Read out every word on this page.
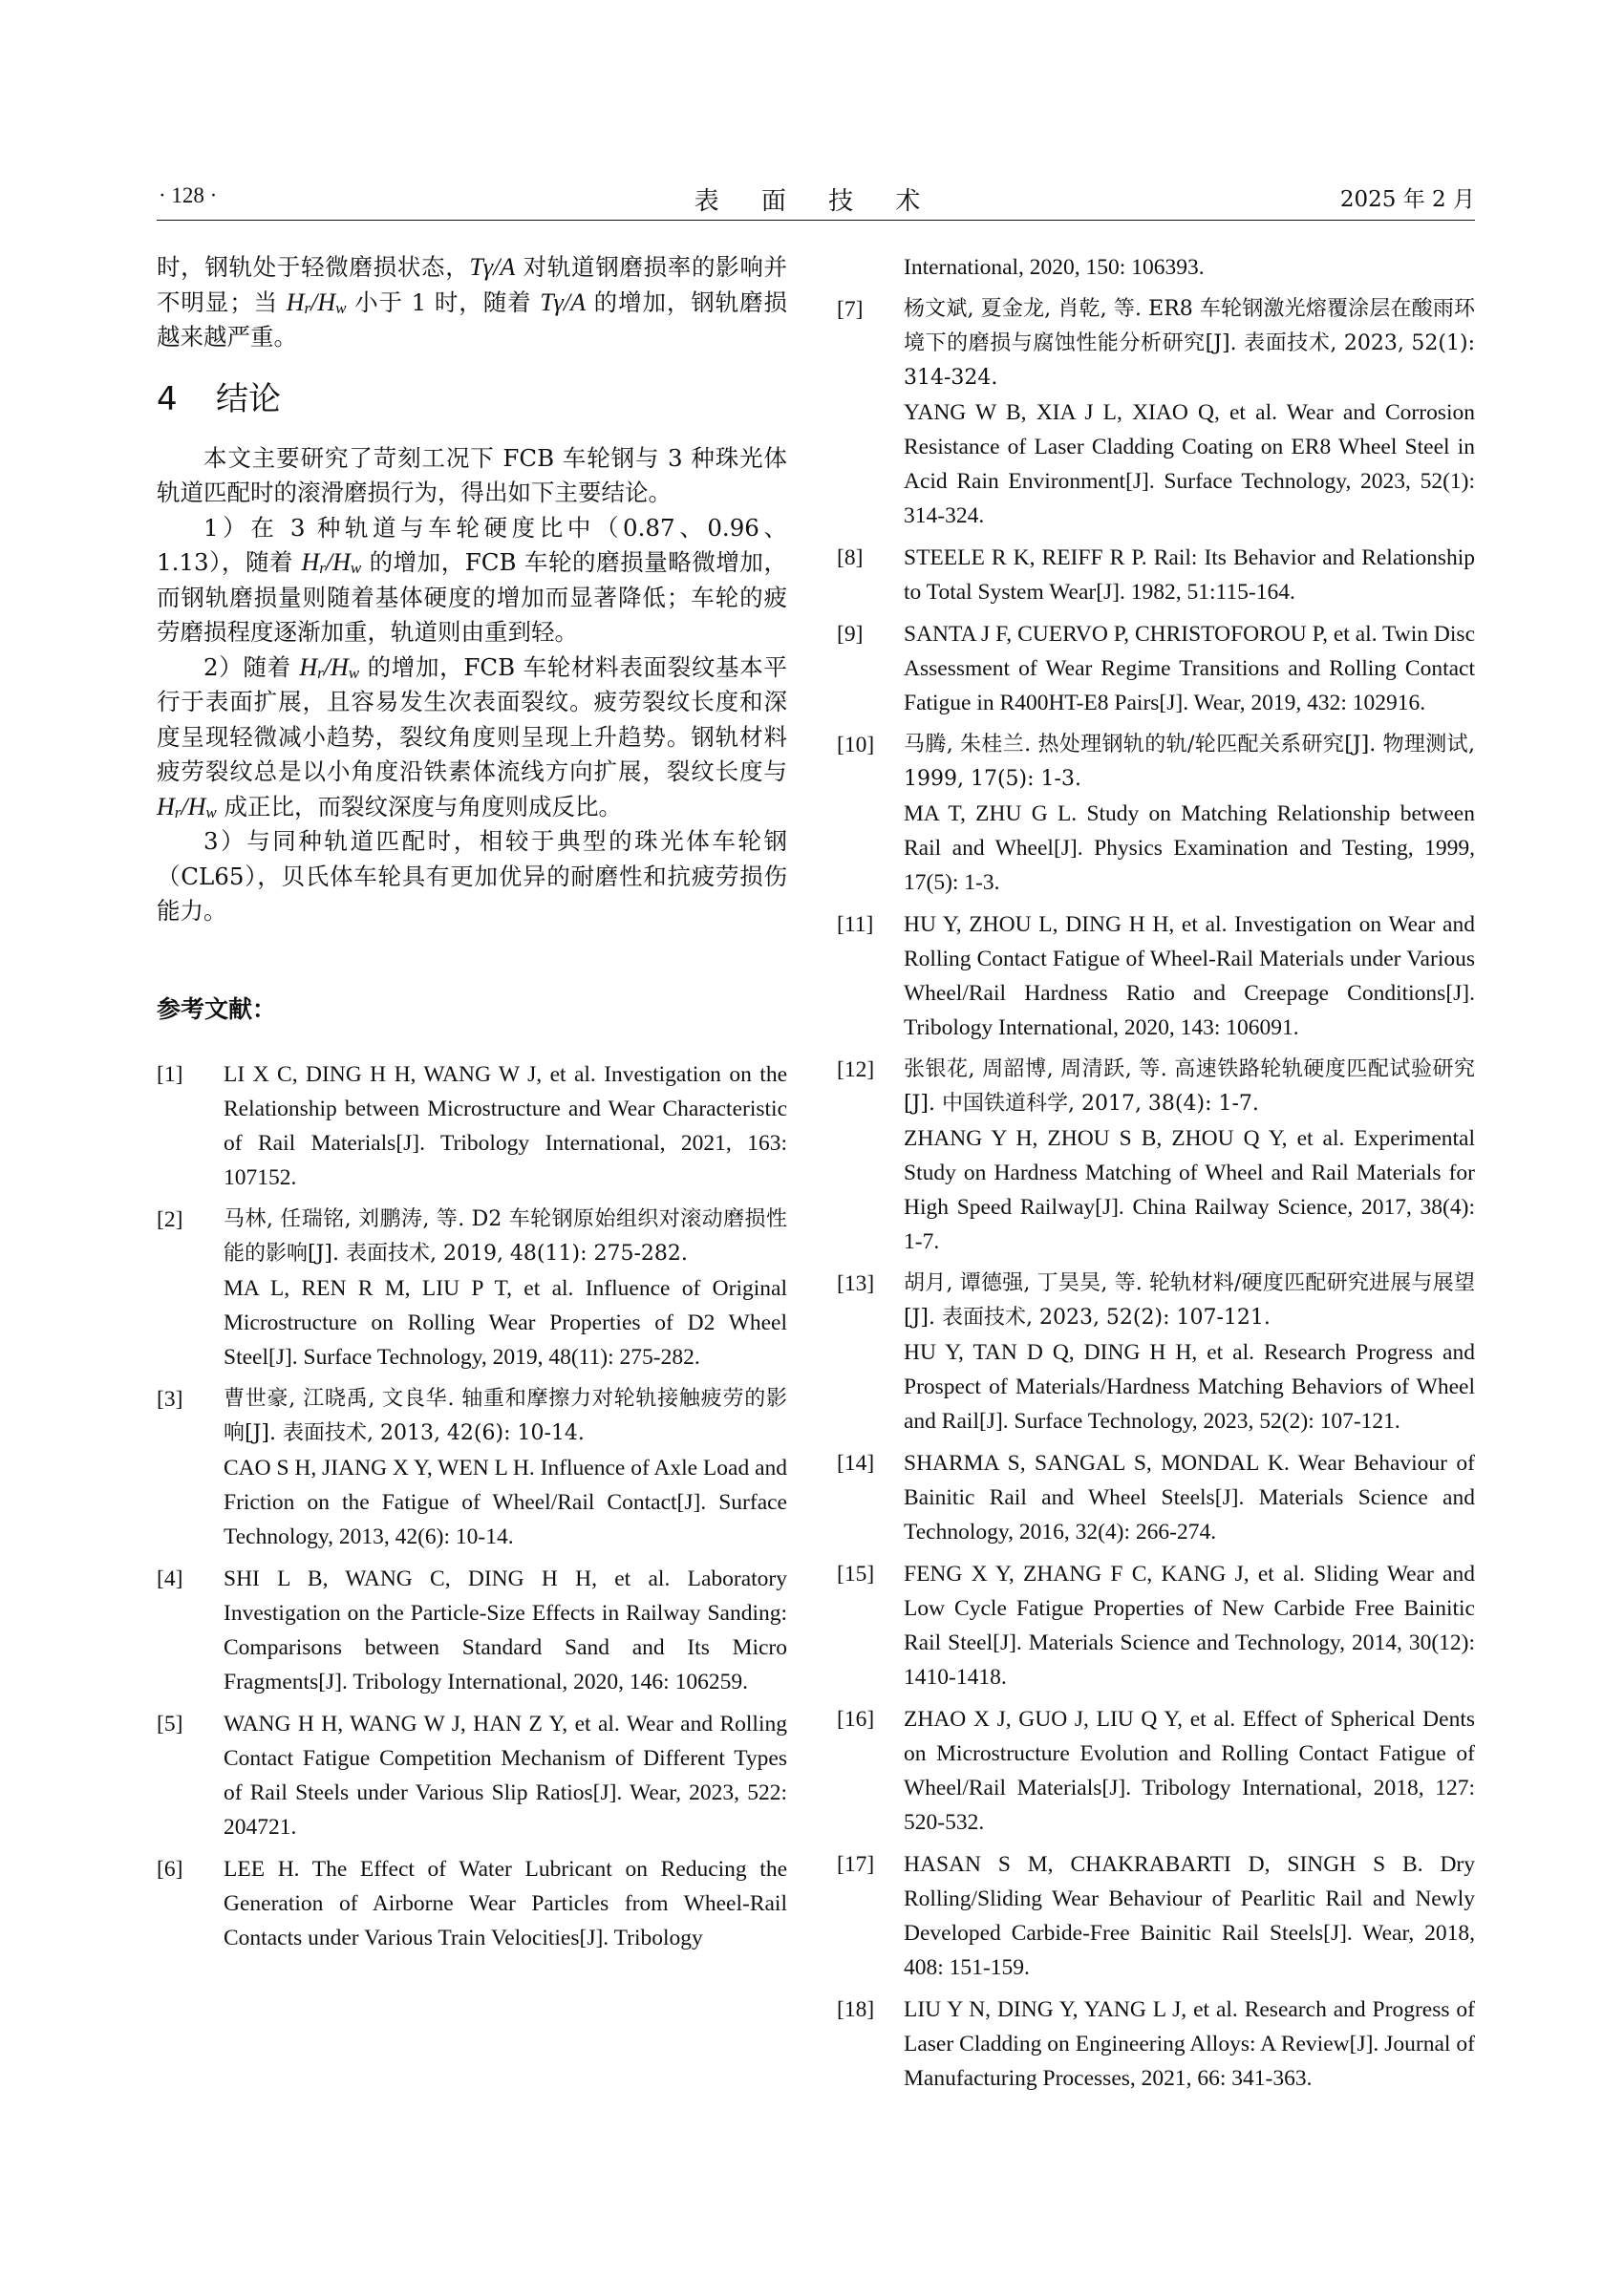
· 128 ·	表 面 技 术	2025 年 2 月

时，钢轨处于轻微磨损状态，Tγ/A 对轨道钢磨损率的影响并不明显；当 $H_r/H_w$ 小于 1 时，随着 Tγ/A 的增加，钢轨磨损越来越严重。

4 结论

本文主要研究了苛刻工况下 FCB 车轮钢与 3 种珠光体轨道匹配时的滚滑磨损行为，得出如下主要结论。

1）在 3 种轨道与车轮硬度比中（0.87、0.96、1.13），随着 $H_r/H_w$ 的增加，FCB 车轮的磨损量略微增加，而钢轨磨损量则随着基体硬度的增加而显著降低；车轮的疲劳磨损程度逐渐加重，轨道则由重到轻。

2）随着 $H_r/H_w$ 的增加，FCB 车轮材料表面裂纹基本平行于表面扩展，且容易发生次表面裂纹。疲劳裂纹长度和深度呈现轻微减小趋势，裂纹角度则呈现上升趋势。钢轨材料疲劳裂纹总是以小角度沿铁素体流线方向扩展，裂纹长度与 $H_r/H_w$ 成正比，而裂纹深度与角度则成反比。

3）与同种轨道匹配时，相较于典型的珠光体车轮钢（CL65），贝氏体车轮具有更加优异的耐磨性和抗疲劳损伤能力。

参考文献：
[1]	LI X C, DING H H, WANG W J, et al. Investigation on the Relationship between Microstructure and Wear Characteristic of Rail Materials[J]. Tribology International, 2021, 163: 107152.

[2]	马林, 任瑞铭, 刘鹏涛, 等. D2 车轮钢原始组织对滚动磨损性能的影响[J]. 表面技术, 2019, 48(11): 275-282.

MA L, REN R M, LIU P T, et al. Influence of Original Microstructure on Rolling Wear Properties of D2 Wheel Steel[J]. Surface Technology, 2019, 48(11): 275-282.

[3]	曹世豪, 江晓禹, 文良华. 轴重和摩擦力对轮轨接触疲劳的影响[J]. 表面技术, 2013, 42(6): 10-14.

CAO S H, JIANG X Y, WEN L H. Influence of Axle Load and Friction on the Fatigue of Wheel/Rail Contact[J]. Surface Technology, 2013, 42(6): 10-14.

[4]	SHI L B, WANG C, DING H H, et al. Laboratory Investigation on the Particle-Size Effects in Railway Sanding: Comparisons between Standard Sand and Its Micro Fragments[J]. Tribology International, 2020, 146: 106259.

[5]	WANG H H, WANG W J, HAN Z Y, et al. Wear and Rolling Contact Fatigue Competition Mechanism of Different Types of Rail Steels under Various Slip Ratios[J]. Wear, 2023, 522: 204721.

[6]	LEE H. The Effect of Water Lubricant on Reducing the Generation of Airborne Wear Particles from Wheel-Rail Contacts under Various Train Velocities[J]. Tribology

International, 2020, 150: 106393.

[7]	杨文斌, 夏金龙, 肖乾, 等. ER8 车轮钢激光熔覆涂层在酸雨环境下的磨损与腐蚀性能分析研究[J]. 表面技术, 2023, 52(1): 314-324.

YANG W B, XIA J L, XIAO Q, et al. Wear and Corrosion Resistance of Laser Cladding Coating on ER8 Wheel Steel in Acid Rain Environment[J]. Surface Technology, 2023, 52(1): 314-324.

[8]	STEELE R K, REIFF R P. Rail: Its Behavior and Relationship to Total System Wear[J]. 1982, 51:115-164.

[9]	SANTA J F, CUERVO P, CHRISTOFOROU P, et al. Twin Disc Assessment of Wear Regime Transitions and Rolling Contact Fatigue in R400HT-E8 Pairs[J]. Wear, 2019, 432: 102916.

[10]	马腾, 朱桂兰. 热处理钢轨的轨/轮匹配关系研究[J]. 物理测试, 1999, 17(5): 1-3.

MA T, ZHU G L. Study on Matching Relationship between Rail and Wheel[J]. Physics Examination and Testing, 1999, 17(5): 1-3.

[11]	HU Y, ZHOU L, DING H H, et al. Investigation on Wear and Rolling Contact Fatigue of Wheel-Rail Materials under Various Wheel/Rail Hardness Ratio and Creepage Conditions[J]. Tribology International, 2020, 143: 106091.

[12]	张银花, 周韶博, 周清跃, 等. 高速铁路轮轨硬度匹配试验研究[J]. 中国铁道科学, 2017, 38(4): 1-7.

ZHANG Y H, ZHOU S B, ZHOU Q Y, et al. Experimental Study on Hardness Matching of Wheel and Rail Materials for High Speed Railway[J]. China Railway Science, 2017, 38(4): 1-7.

[13]	胡月, 谭德强, 丁昊昊, 等. 轮轨材料/硬度匹配研究进展与展望[J]. 表面技术, 2023, 52(2): 107-121.

HU Y, TAN D Q, DING H H, et al. Research Progress and Prospect of Materials/Hardness Matching Behaviors of Wheel and Rail[J]. Surface Technology, 2023, 52(2): 107-121.

[14]	SHARMA S, SANGAL S, MONDAL K. Wear Behaviour of Bainitic Rail and Wheel Steels[J]. Materials Science and Technology, 2016, 32(4): 266-274.

[15]	FENG X Y, ZHANG F C, KANG J, et al. Sliding Wear and Low Cycle Fatigue Properties of New Carbide Free Bainitic Rail Steel[J]. Materials Science and Technology, 2014, 30(12): 1410-1418.

[16]	ZHAO X J, GUO J, LIU Q Y, et al. Effect of Spherical Dents on Microstructure Evolution and Rolling Contact Fatigue of Wheel/Rail Materials[J]. Tribology International, 2018, 127: 520-532.

[17]	HASAN S M, CHAKRABARTI D, SINGH S B. Dry Rolling/Sliding Wear Behaviour of Pearlitic Rail and Newly Developed Carbide-Free Bainitic Rail Steels[J]. Wear, 2018, 408: 151-159.

[18]	LIU Y N, DING Y, YANG L J, et al. Research and Progress of Laser Cladding on Engineering Alloys: A Review[J]. Journal of Manufacturing Processes, 2021, 66: 341-363.
